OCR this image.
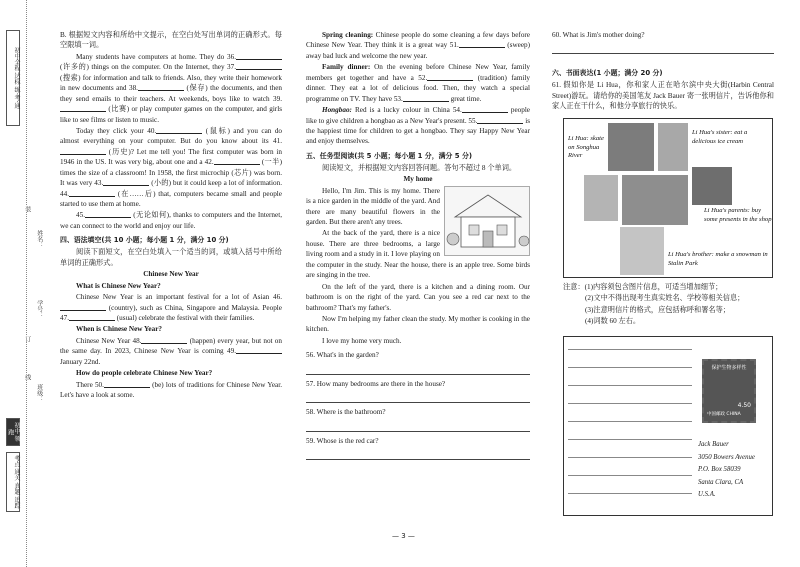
初中全程 达标 练·考·通
初中 领跑
考点 通关 真题 追踪
姓名：
学号：
班级：
装
订
线

B. 根据短文内容和所给中文提示，在空白处写出单词的正确形式。每空限填一词。

Many students have computers at home. They do 36. (许多的) things on the computer. On the Internet, they 37. (搜索) for information and talk to friends. Also, they write their homework in new documents and 38.	(保存) the documents, and then they send emails to their teachers. At weekends, boys like to watch 39. (比赛) or play computer games on the computer, and girls like to see films or listen to music.

Today they click your 40.	(鼠标) and you can do almost everything on your computer. But do you know about its 41. (历史)? Let me tell you! The first computer was born in 1946 in the US. It was very big, about one and a 42.	(一半) times the size of a classroom! In 1958, the first microchip (芯片) was born. It was very 43.	(小的) but it could keep a lot of information. 44.	(在……后) that, computers became small and people started to use them at home.

45.	(无论如何), thanks to computers and the Internet, we can connect to the world and enjoy our life.

四、语法填空(共 10 小题；每小题 1 分，满分 10 分)

阅读下面短文，在空白处填入一个适当的词，或填入括号中所给单词的正确形式。

Chinese New Year

What is Chinese New Year?

Chinese New Year is an important festival for a lot of Asian 46. (country), such as China, Singapore and Malaysia. People 47.	(usual) celebrate the festival with their families.

When is Chinese New Year?

Chinese New Year 48.	(happen) every year, but not on the same day. In 2023, Chinese New Year is coming 49. January 22nd.

How do people celebrate Chinese New Year?

There 50.	(be) lots of traditions for Chinese New Year. Let's have a look at some.

Spring cleaning: Chinese people do some cleaning a few days before Chinese New Year. They think it is a great way 51.	(sweep) away bad luck and welcome the new year.

Family dinner: On the evening before Chinese New Year, family members get together and have a 52.	(tradition) family dinner. They eat a lot of delicious food. Then, they watch a special programme on TV. They have 53.	great time.

Hongbao: Red is a lucky colour in China 54.	people like to give children a hongbao as a New Year's present. 55.	is the happiest time for children to get a hongbao. They say Happy New Year and enjoy themselves.

五、任务型阅读(共 5 小题；每小题 1 分，满分 5 分)

阅读短文，并根据短文内容回答问题。答句不超过 8 个单词。

My home

Hello, I'm Jim. This is my home. There is a nice garden in the middle of the yard. And there are many beautiful flowers in the garden. But there aren't any trees.

At the back of the yard, there is a nice house. There are three bedrooms, a large living room and a study in it. I love playing on the computer in the study. Near the house, there is an apple tree. Some birds are singing in the tree.

On the left of the yard, there is a kitchen and a dining room. Our bathroom is on the right of the yard. Can you see a red car next to the bathroom? That's my father's.

Now I'm helping my father clean the study. My mother is cooking in the kitchen.

I love my home very much.

56. What's in the garden?

57. How many bedrooms are there in the house?

58. Where is the bathroom?

59. Whose is the red car?

60. What is Jim's mother doing?

六、书面表达(1 小题；满分 20 分)

61. 假如你是 Li Hua，你和家人正在哈尔滨中央大街(Harbin Central Street)游玩。请给你的美国笔友 Jack Bauer 寄一张明信片，告诉他你和家人正在干什么，和他分享旅行的快乐。

Li Hua: skate on Songhua River
Li Hua's sister: eat a delicious ice cream
Li Hua's parents: buy some presents in the shop
Li Hua's brother: make a snowman in Stalin Park

注意：(1)内容须包含图片信息，可适当增加细节；

(2)文中不得出现考生真实姓名、学校等相关信息；

(3)注意明信片的格式，应包括称呼和署名等；

(4)词数 60 左右。

保护生物多样性
4.50
中国邮政 CHINA
Jack Bauer
3050 Bowers Avenue
P.O. Box 58039
Santa Clara, CA
U.S.A.
— 3 —
